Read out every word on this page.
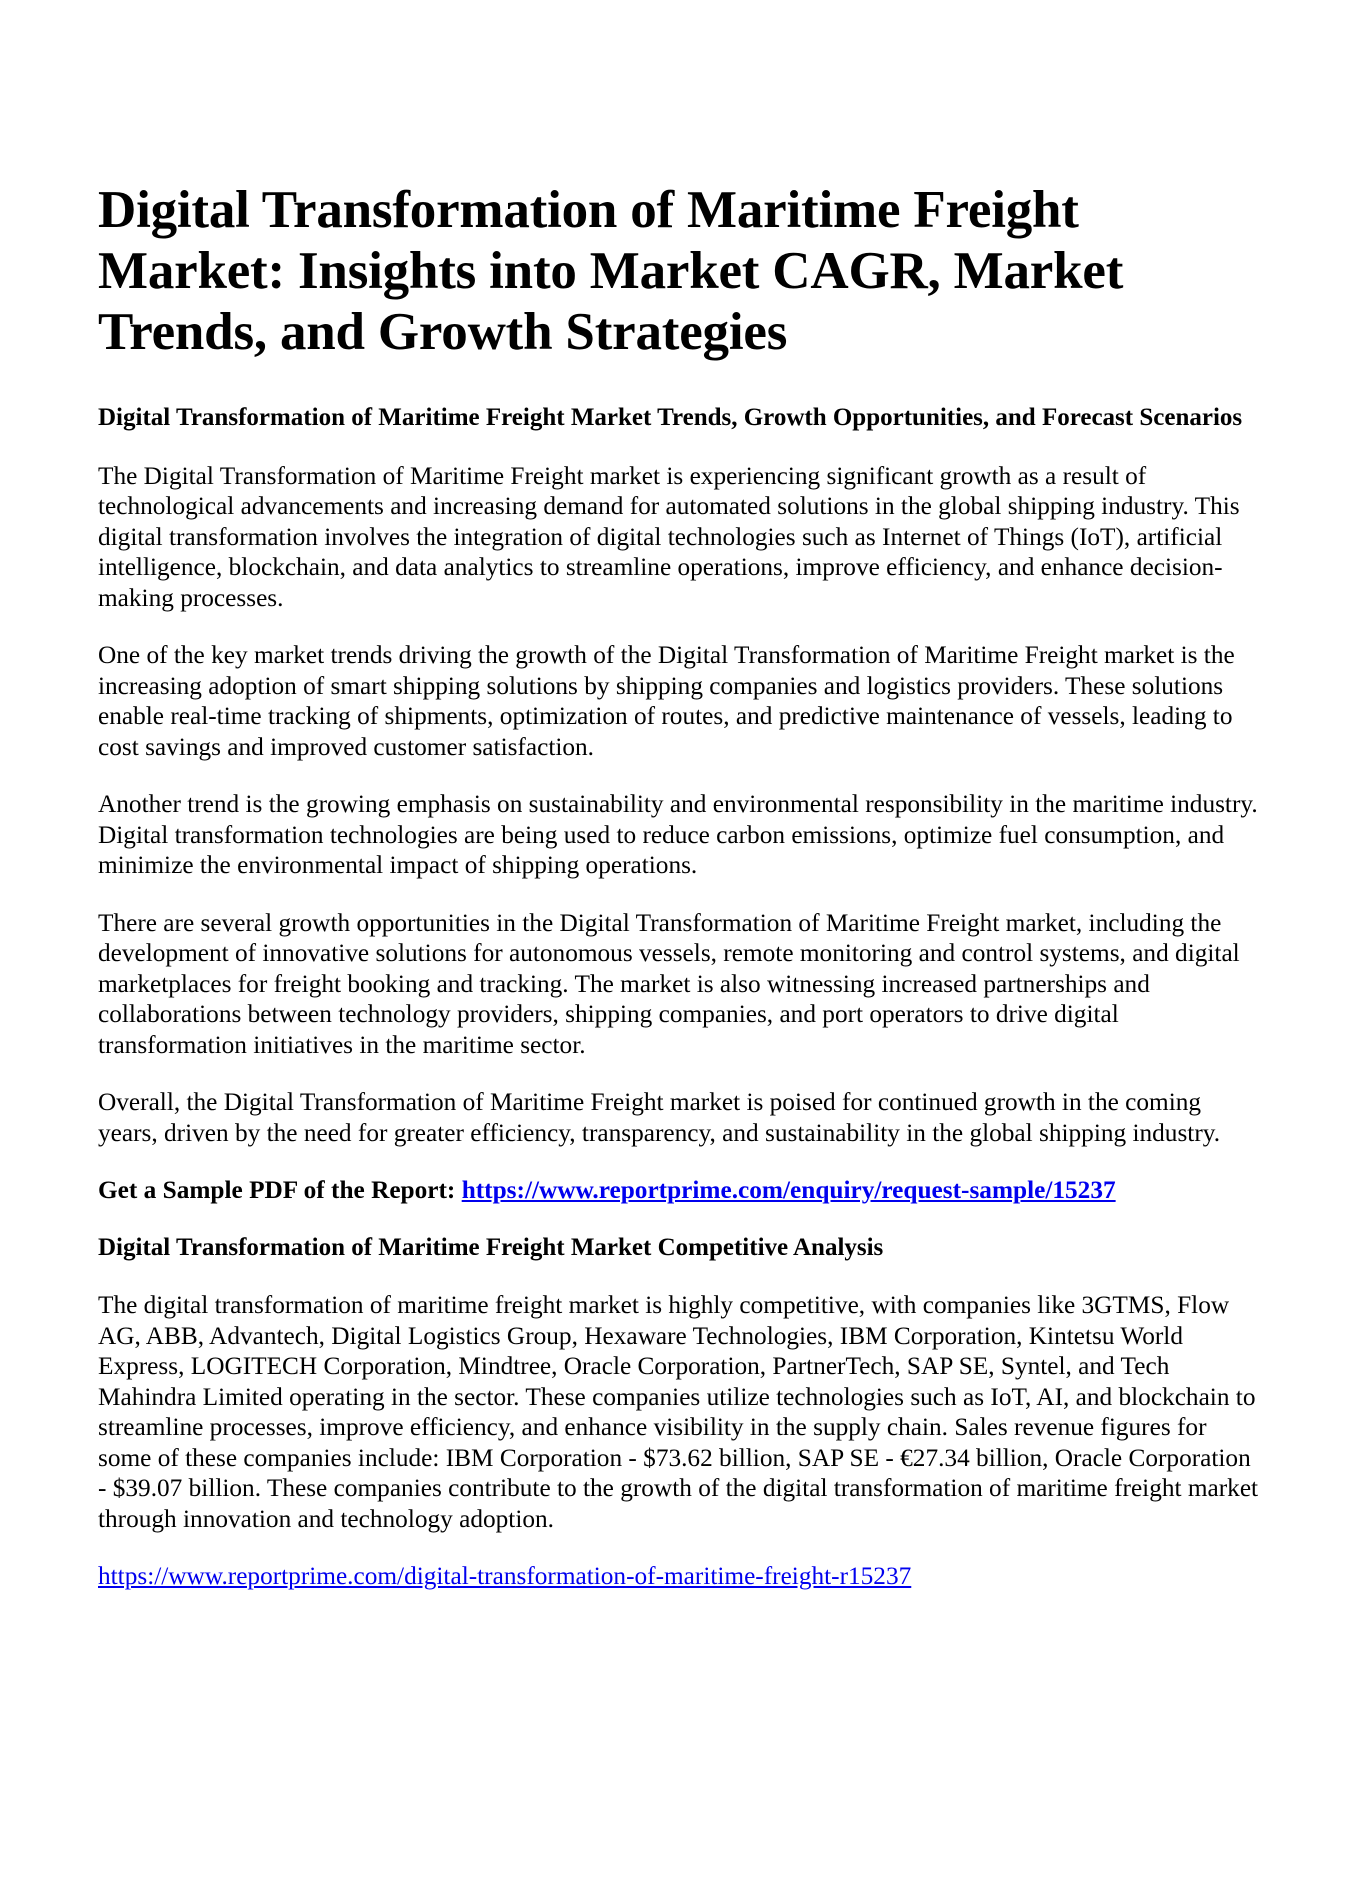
Digital Transformation of Maritime Freight Market: Insights into Market CAGR, Market Trends, and Growth Strategies
Digital Transformation of Maritime Freight Market Trends, Growth Opportunities, and Forecast Scenarios

The Digital Transformation of Maritime Freight market is experiencing significant growth as a result of technological advancements and increasing demand for automated solutions in the global shipping industry. This digital transformation involves the integration of digital technologies such as Internet of Things (IoT), artificial intelligence, blockchain, and data analytics to streamline operations, improve efficiency, and enhance decision-making processes.

One of the key market trends driving the growth of the Digital Transformation of Maritime Freight market is the increasing adoption of smart shipping solutions by shipping companies and logistics providers. These solutions enable real-time tracking of shipments, optimization of routes, and predictive maintenance of vessels, leading to cost savings and improved customer satisfaction.

Another trend is the growing emphasis on sustainability and environmental responsibility in the maritime industry. Digital transformation technologies are being used to reduce carbon emissions, optimize fuel consumption, and minimize the environmental impact of shipping operations.

There are several growth opportunities in the Digital Transformation of Maritime Freight market, including the development of innovative solutions for autonomous vessels, remote monitoring and control systems, and digital marketplaces for freight booking and tracking. The market is also witnessing increased partnerships and collaborations between technology providers, shipping companies, and port operators to drive digital transformation initiatives in the maritime sector.

Overall, the Digital Transformation of Maritime Freight market is poised for continued growth in the coming years, driven by the need for greater efficiency, transparency, and sustainability in the global shipping industry.

Get a Sample PDF of the Report: https://www.reportprime.com/enquiry/request-sample/15237

Digital Transformation of Maritime Freight Market Competitive Analysis

The digital transformation of maritime freight market is highly competitive, with companies like 3GTMS, Flow AG, ABB, Advantech, Digital Logistics Group, Hexaware Technologies, IBM Corporation, Kintetsu World Express, LOGITECH Corporation, Mindtree, Oracle Corporation, PartnerTech, SAP SE, Syntel, and Tech Mahindra Limited operating in the sector. These companies utilize technologies such as IoT, AI, and blockchain to streamline processes, improve efficiency, and enhance visibility in the supply chain. Sales revenue figures for some of these companies include: IBM Corporation - $73.62 billion, SAP SE - €27.34 billion, Oracle Corporation - $39.07 billion. These companies contribute to the growth of the digital transformation of maritime freight market through innovation and technology adoption.

https://www.reportprime.com/digital-transformation-of-maritime-freight-r15237
